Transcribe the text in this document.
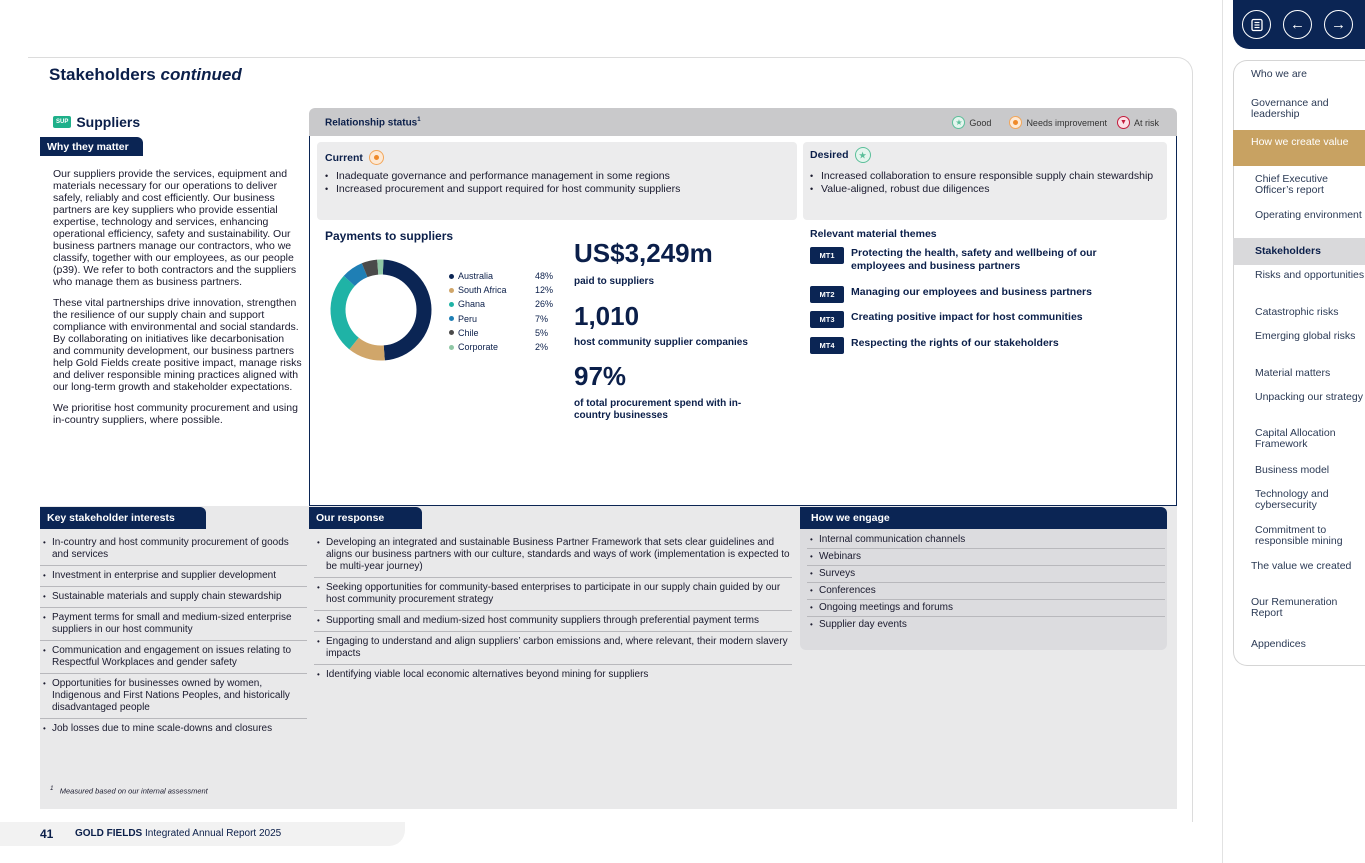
Stakeholders continued
SUP Suppliers
Why they matter

Our suppliers provide the services, equipment and materials necessary for our operations to deliver safely, reliably and cost efficiently. Our business partners are key suppliers who provide essential expertise, technology and services, enhancing operational efficiency, safety and sustainability. Our business partners manage our contractors, who we classify, together with our employees, as our people (p39). We refer to both contractors and the suppliers who manage them as business partners.

These vital partnerships drive innovation, strengthen the resilience of our supply chain and support compliance with environmental and social standards. By collaborating on initiatives like decarbonisation and community development, our business partners help Gold Fields create positive impact, manage risks and deliver responsible mining practices aligned with our long-term growth and stakeholder expectations.

We prioritise host community procurement and using in-country suppliers, where possible.

Relationship status$^1$	★ Good	Needs improvement	▼ At risk
Current
• Inadequate governance and performance management in some regions
• Increased procurement and support required for host community suppliers
Desired	★
• Increased collaboration to ensure responsible supply chain stewardship
• Value-aligned, robust due diligences
Payments to suppliers
Australia	48%
South Africa	12%
Ghana	26%
Peru	7%
Chile	5%
Corporate	2%
US$3,249m
paid to suppliers
1,010
host community supplier companies
97%
of total procurement spend with in-country businesses
Relevant material themes
MT1	Protecting the health, safety and wellbeing of our employees and business partners
MT2	Managing our employees and business partners
MT3	Creating positive impact for host communities
MT4	Respecting the rights of our stakeholders
Key stakeholder interests
• In-country and host community procurement of goods and services
• Investment in enterprise and supplier development
• Sustainable materials and supply chain stewardship
• Payment terms for small and medium-sized enterprise suppliers in our host community
• Communication and engagement on issues relating to Respectful Workplaces and gender safety
• Opportunities for businesses owned by women, Indigenous and First Nations Peoples, and historically disadvantaged people
• Job losses due to mine scale-downs and closures
Our response
• Developing an integrated and sustainable Business Partner Framework that sets clear guidelines and aligns our business partners with our culture, standards and ways of work (implementation is expected to be multi-year journey)
• Seeking opportunities for community-based enterprises to participate in our supply chain guided by our host community procurement strategy
• Supporting small and medium-sized host community suppliers through preferential payment terms
• Engaging to understand and align suppliers’ carbon emissions and, where relevant, their modern slavery impacts
• Identifying viable local economic alternatives beyond mining for suppliers
How we engage
• Internal communication channels
• Webinars
• Surveys
• Conferences
• Ongoing meetings and forums
• Supplier day events
$^1$ Measured based on our internal assessment
41 GOLD FIELDS Integrated Annual Report 2025
← →
Who we are
Governance and leadership
How we create value
Chief Executive Officer’s report
Operating environment
Stakeholders
Risks and opportunities
Catastrophic risks
Emerging global risks
Material matters
Unpacking our strategy
Capital Allocation Framework
Business model
Technology and cybersecurity
Commitment to responsible mining
The value we created
Our Remuneration Report
Appendices
